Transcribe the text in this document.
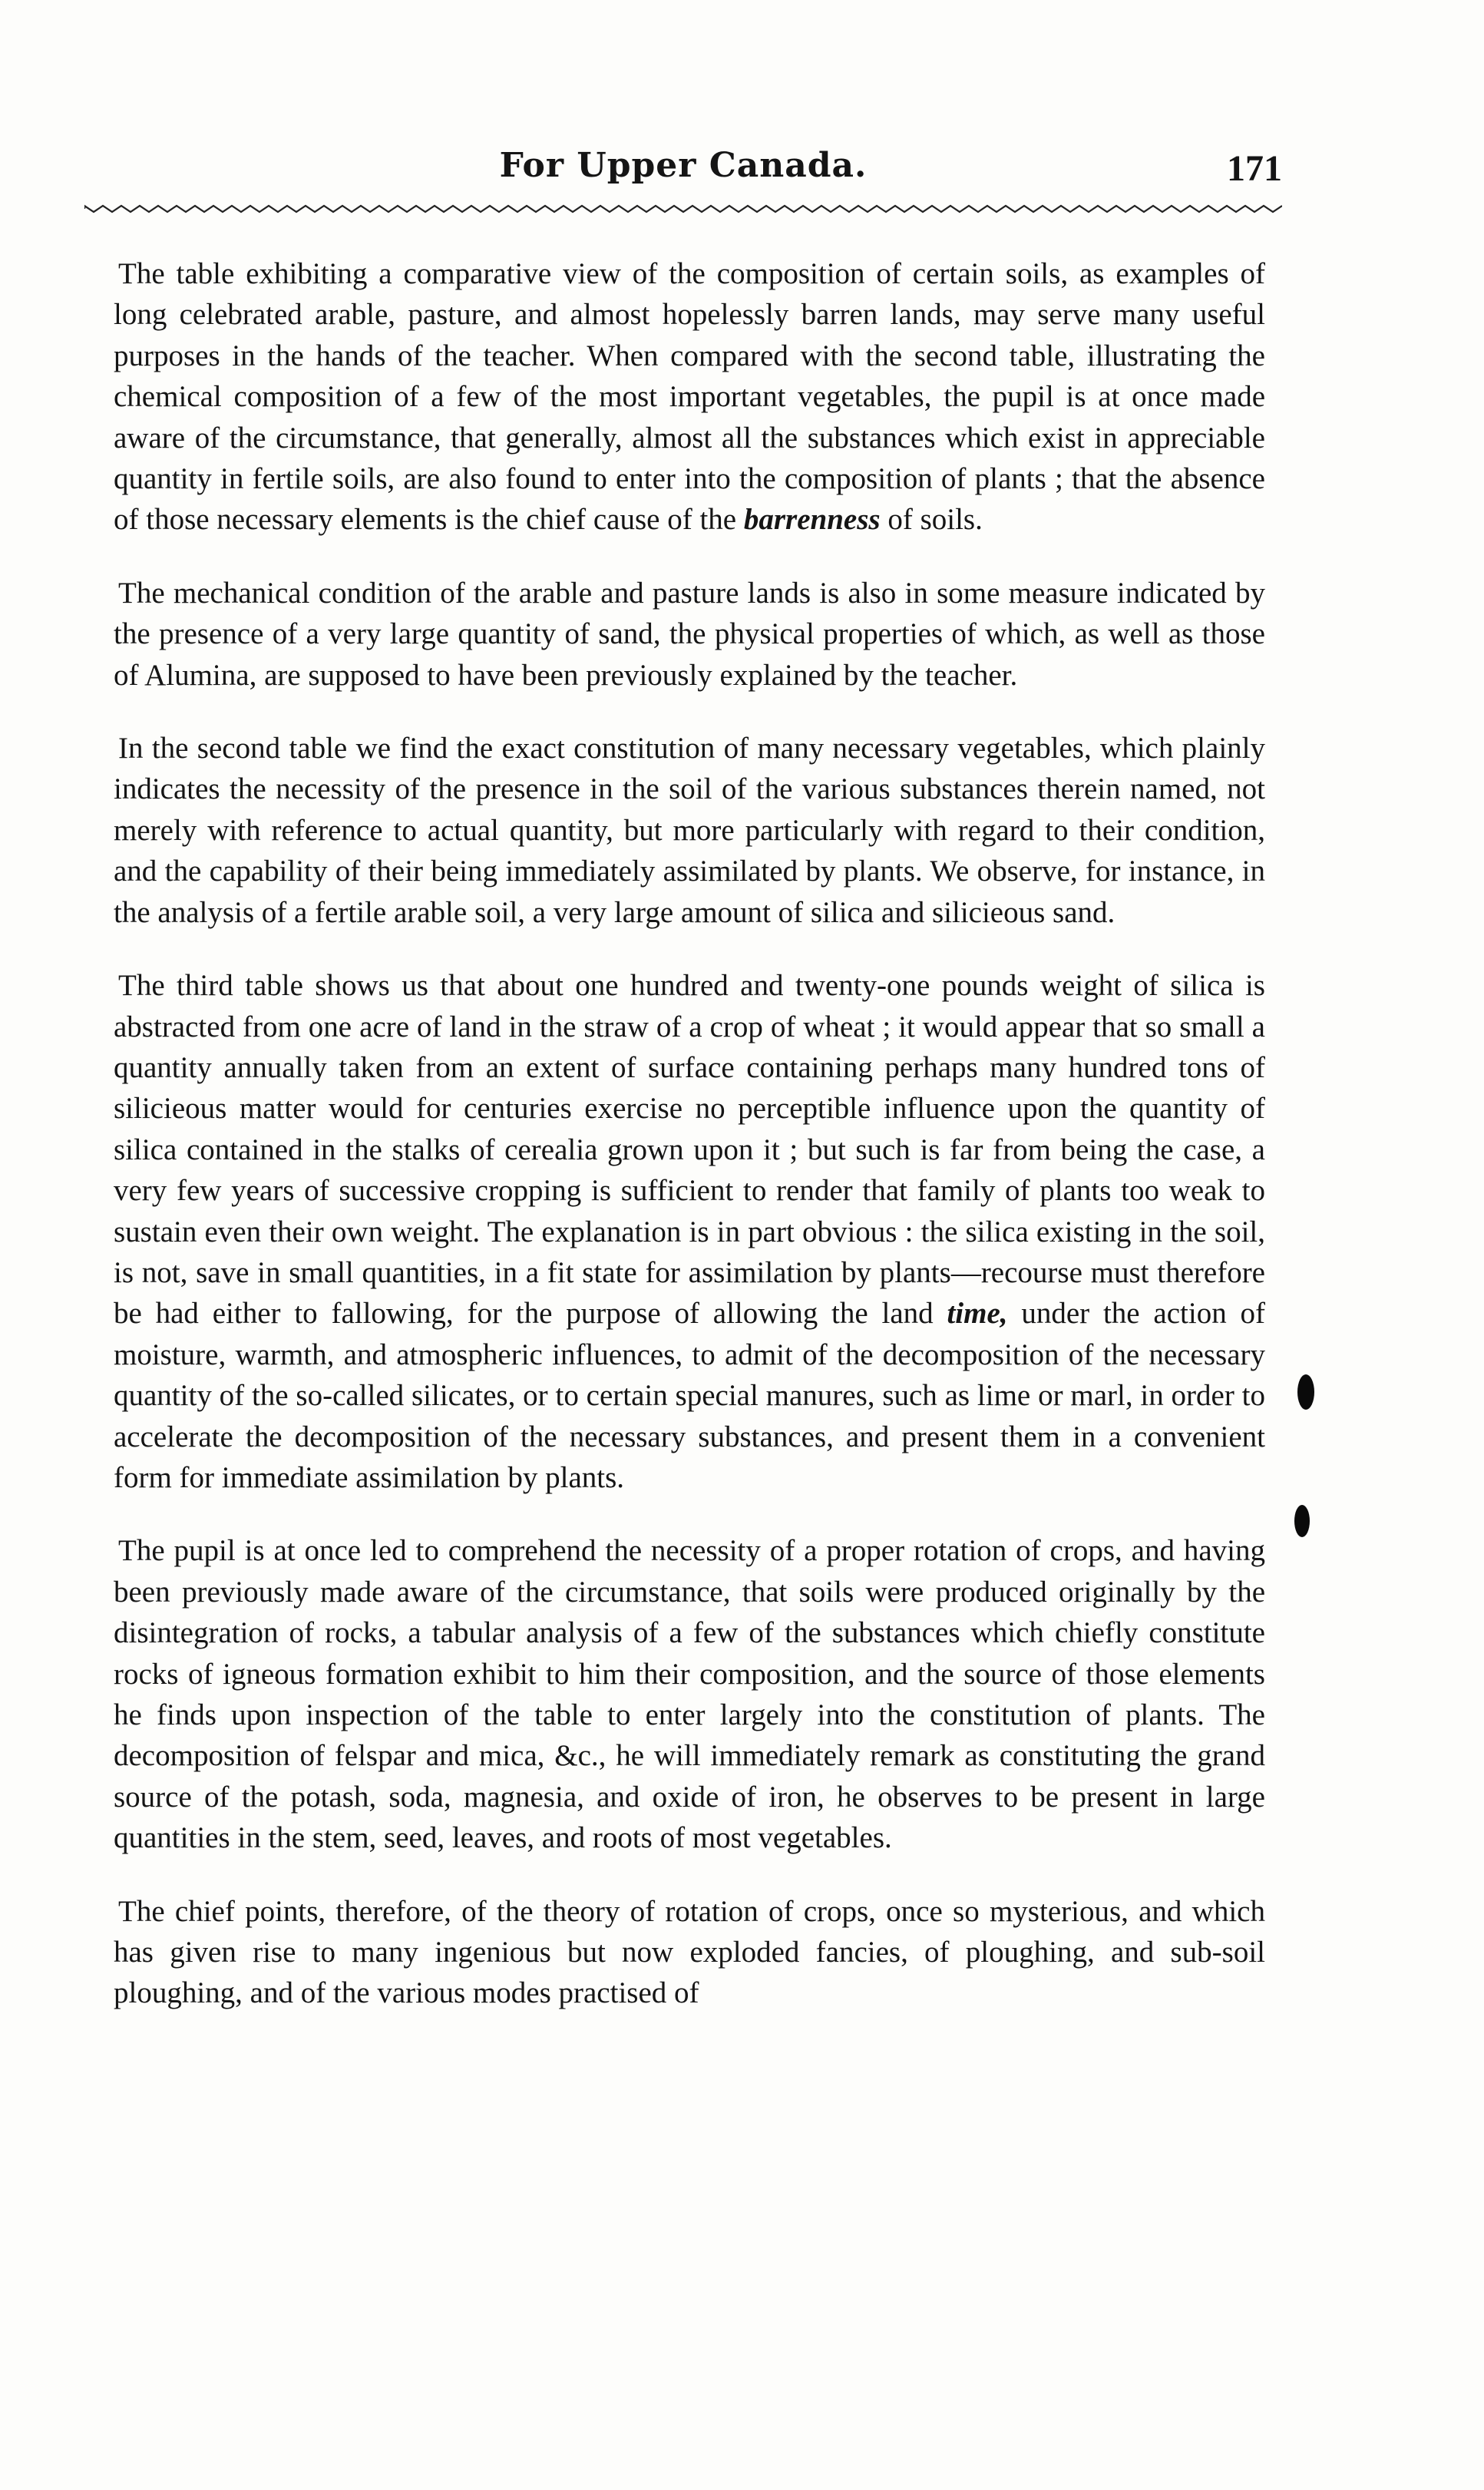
For Upper Canada.	171

The table exhibiting a comparative view of the composition of certain soils, as examples of long celebrated arable, pasture, and almost hopelessly barren lands, may serve many useful purposes in the hands of the teacher. When compared with the second table, illustrating the chemical composition of a few of the most important vegetables, the pupil is at once made aware of the circumstance, that generally, almost all the substances which exist in appreciable quantity in fertile soils, are also found to enter into the composition of plants ; that the absence of those necessary elements is the chief cause of the barrenness of soils.

The mechanical condition of the arable and pasture lands is also in some measure indicated by the presence of a very large quantity of sand, the physical properties of which, as well as those of Alumina, are supposed to have been previously explained by the teacher.

In the second table we find the exact constitution of many necessary vegetables, which plainly indicates the necessity of the presence in the soil of the various substances therein named, not merely with reference to actual quantity, but more particularly with regard to their condition, and the capability of their being immediately assimilated by plants. We observe, for instance, in the analysis of a fertile arable soil, a very large amount of silica and silicieous sand.

The third table shows us that about one hundred and twenty-one pounds weight of silica is abstracted from one acre of land in the straw of a crop of wheat ; it would appear that so small a quantity annually taken from an extent of surface containing perhaps many hundred tons of silicieous matter would for centuries exercise no perceptible influence upon the quantity of silica contained in the stalks of cerealia grown upon it ; but such is far from being the case, a very few years of successive cropping is sufficient to render that family of plants too weak to sustain even their own weight. The explanation is in part obvious : the silica existing in the soil, is not, save in small quantities, in a fit state for assimilation by plants—recourse must therefore be had either to fallowing, for the purpose of allowing the land time, under the action of moisture, warmth, and atmospheric influences, to admit of the decomposition of the necessary quantity of the so-called silicates, or to certain special manures, such as lime or marl, in order to accelerate the decomposition of the necessary substances, and present them in a convenient form for immediate assimilation by plants.

The pupil is at once led to comprehend the necessity of a proper rotation of crops, and having been previously made aware of the circumstance, that soils were produced originally by the disintegration of rocks, a tabular analysis of a few of the substances which chiefly constitute rocks of igneous formation exhibit to him their composition, and the source of those elements he finds upon inspection of the table to enter largely into the constitution of plants. The decomposition of felspar and mica, &c., he will immediately remark as constituting the grand source of the potash, soda, magnesia, and oxide of iron, he observes to be present in large quantities in the stem, seed, leaves, and roots of most vegetables.

The chief points, therefore, of the theory of rotation of crops, once so mysterious, and which has given rise to many ingenious but now exploded fancies, of ploughing, and sub-soil ploughing, and of the various modes practised of
